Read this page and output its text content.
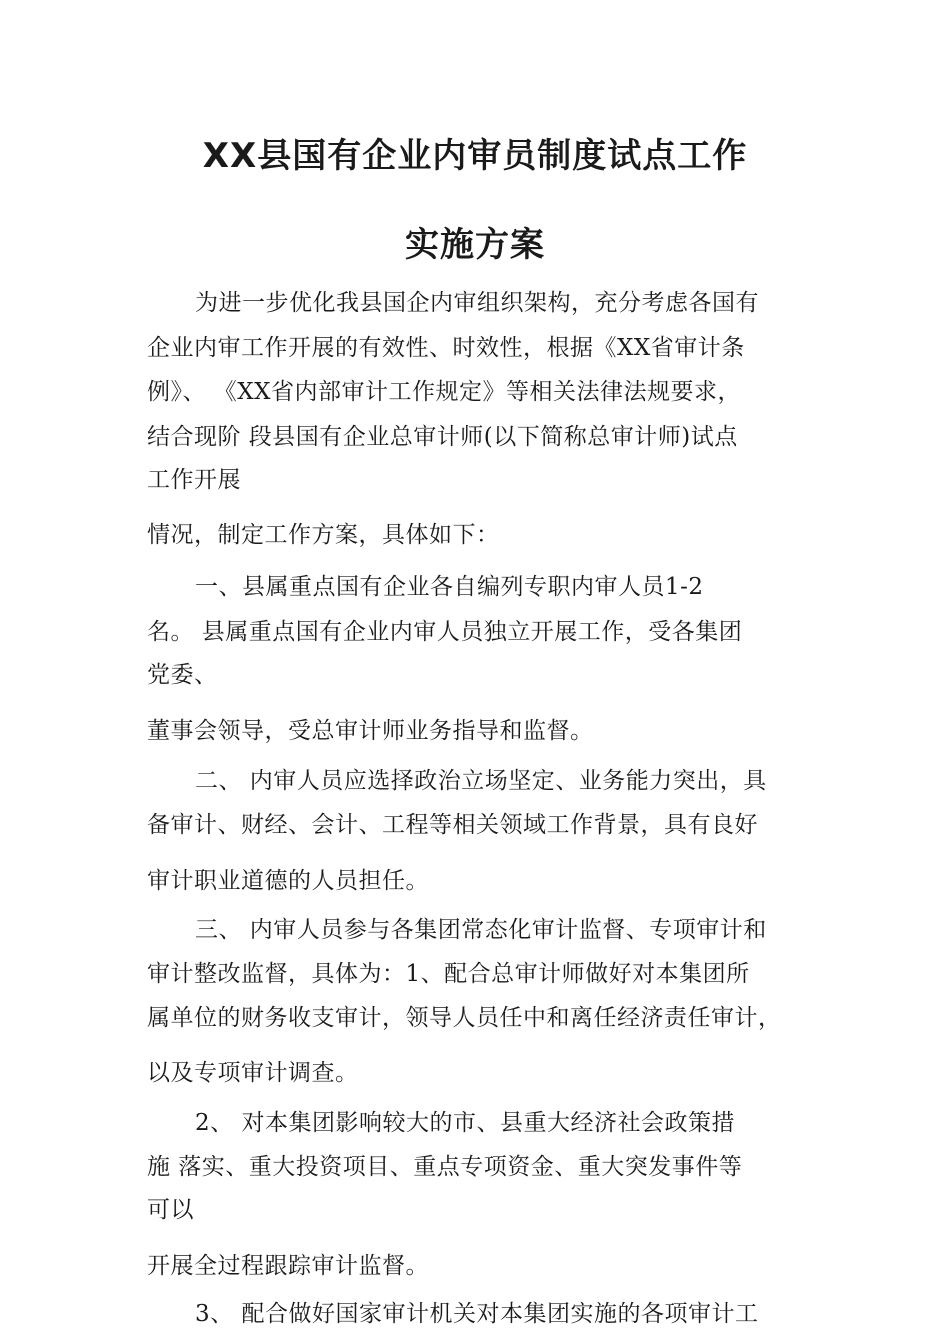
XX县国有企业内审员制度试点工作
实施方案
为进一步优化我县国企内审组织架构，充分考虑各国有
企业内审工作开展的有效性、时效性，根据《XX省审计条
例》、 《XX省内部审计工作规定》等相关法律法规要求，
结合现阶 段县国有企业总审计师(以下简称总审计师)试点
工作开展
情况，制定工作方案，具体如下：
一、县属重点国有企业各自编列专职内审人员1-2
名。 县属重点国有企业内审人员独立开展工作，受各集团
党委、
董事会领导，受总审计师业务指导和监督。
二、 内审人员应选择政治立场坚定、业务能力突出，具
备审计、财经、会计、工程等相关领域工作背景，具有良好
审计职业道德的人员担任。
三、 内审人员参与各集团常态化审计监督、专项审计和
审计整改监督，具体为：1、配合总审计师做好对本集团所
属单位的财务收支审计，领导人员任中和离任经济责任审计，
以及专项审计调查。
2、 对本集团影响较大的市、县重大经济社会政策措
施 落实、重大投资项目、重点专项资金、重大突发事件等
可以
开展全过程跟踪审计监督。
3、 配合做好国家审计机关对本集团实施的各项审计工
